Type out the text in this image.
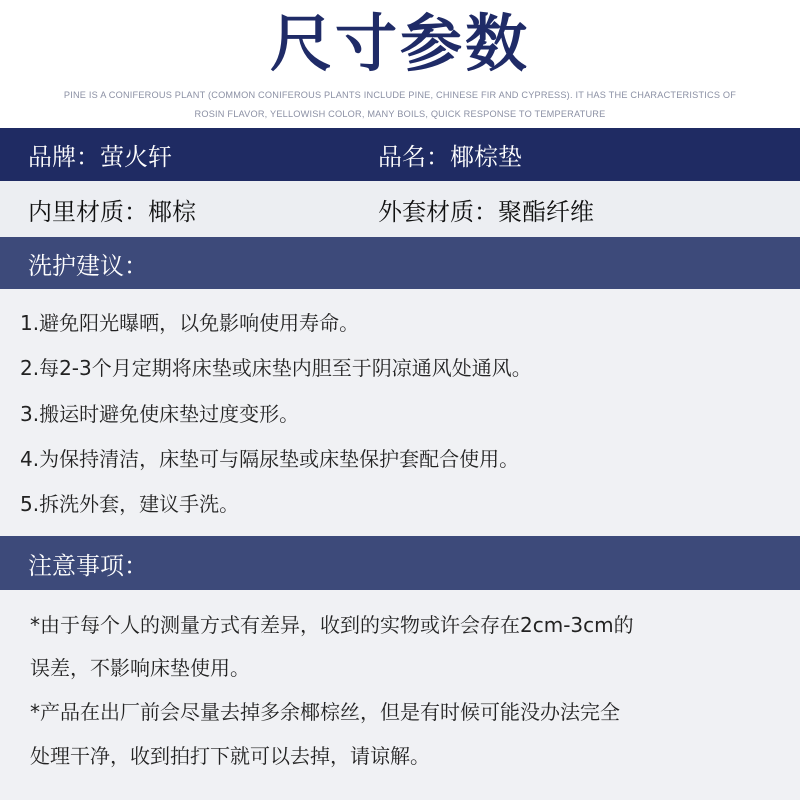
尺寸参数
PINE IS A CONIFEROUS PLANT (COMMON CONIFEROUS PLANTS INCLUDE PINE, CHINESE FIR AND CYPRESS). IT HAS THE CHARACTERISTICS OF
ROSIN FLAVOR, YELLOWISH COLOR, MANY BOILS, QUICK RESPONSE TO TEMPERATURE
品牌：萤火轩	品名：椰棕垫
内里材质：椰棕	外套材质：聚酯纤维
洗护建议：
1.避免阳光曝晒，以免影响使用寿命。
2.每2-3个月定期将床垫或床垫内胆至于阴凉通风处通风。
3.搬运时避免使床垫过度变形。
4.为保持清洁，床垫可与隔尿垫或床垫保护套配合使用。
5.拆洗外套，建议手洗。
注意事项：
*由于每个人的测量方式有差异，收到的实物或许会存在2cm-3cm的
误差，不影响床垫使用。
*产品在出厂前会尽量去掉多余椰棕丝，但是有时候可能没办法完全
处理干净，收到拍打下就可以去掉，请谅解。
